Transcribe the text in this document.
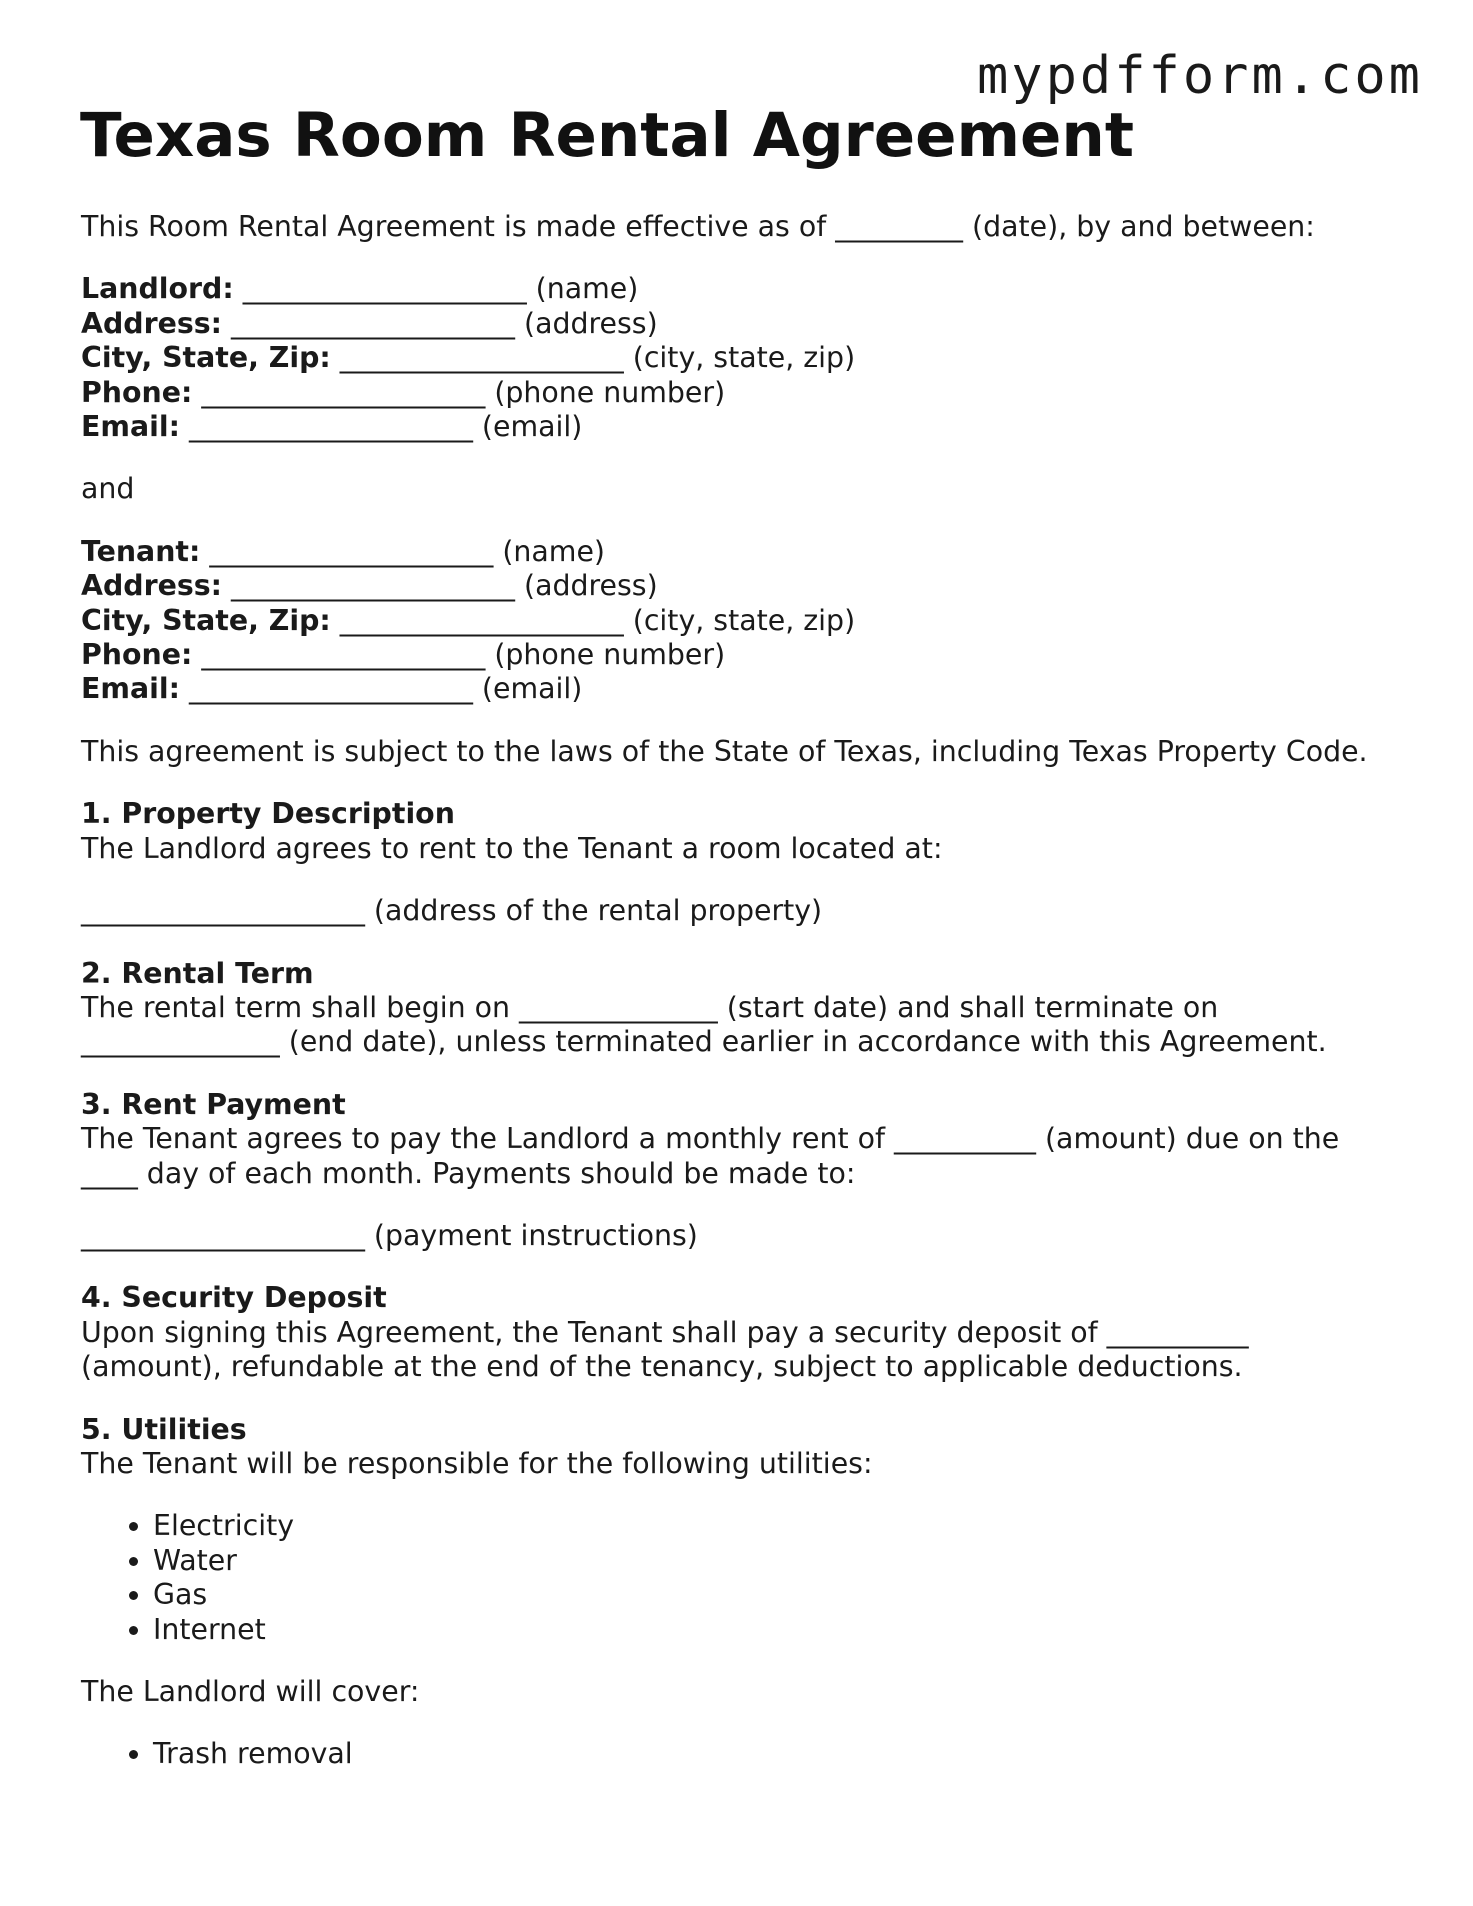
mypdfform.com
Texas Room Rental Agreement

This Room Rental Agreement is made effective as of _________ (date), by and between:

Landlord: ____________________ (name)
Address: ____________________ (address)
City, State, Zip: ____________________ (city, state, zip)
Phone: ____________________ (phone number)
Email: ____________________ (email)

and

Tenant: ____________________ (name)
Address: ____________________ (address)
City, State, Zip: ____________________ (city, state, zip)
Phone: ____________________ (phone number)
Email: ____________________ (email)

This agreement is subject to the laws of the State of Texas, including Texas Property Code.

1. Property Description
The Landlord agrees to rent to the Tenant a room located at:

____________________ (address of the rental property)

2. Rental Term
The rental term shall begin on ______________ (start date) and shall terminate on
______________ (end date), unless terminated earlier in accordance with this Agreement.

3. Rent Payment
The Tenant agrees to pay the Landlord a monthly rent of __________ (amount) due on the
____ day of each month. Payments should be made to:

____________________ (payment instructions)

4. Security Deposit
Upon signing this Agreement, the Tenant shall pay a security deposit of __________
(amount), refundable at the end of the tenancy, subject to applicable deductions.

5. Utilities
The Tenant will be responsible for the following utilities:

• Electricity
• Water
• Gas
• Internet

The Landlord will cover:

• Trash removal
